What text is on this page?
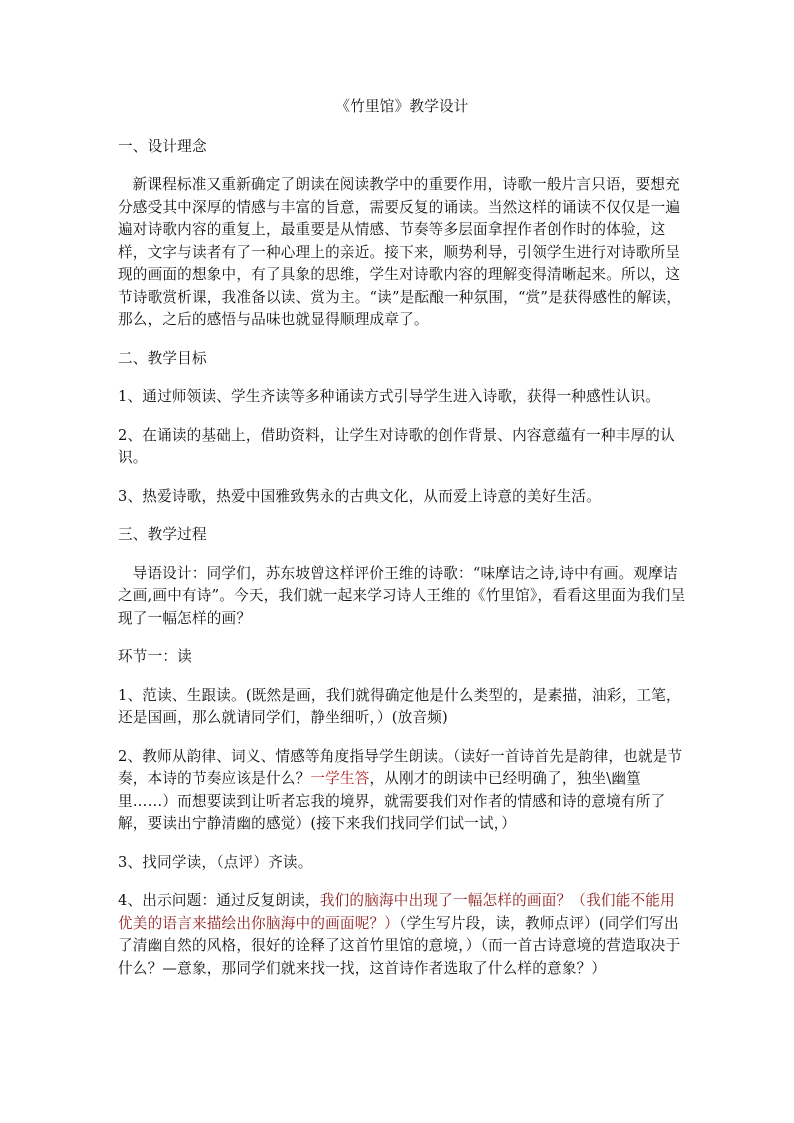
《竹里馆》教学设计
一、设计理念

新课程标准又重新确定了朗读在阅读教学中的重要作用，诗歌一般片言只语，要想充分感受其中深厚的情感与丰富的旨意，需要反复的诵读。当然这样的诵读不仅仅是一遍遍对诗歌内容的重复上，最重要是从情感、节奏等多层面拿捏作者创作时的体验，这样，文字与读者有了一种心理上的亲近。接下来，顺势利导，引领学生进行对诗歌所呈现的画面的想象中，有了具象的思维，学生对诗歌内容的理解变得清晰起来。所以，这节诗歌赏析课，我准备以读、赏为主。“读”是酝酿一种氛围，“赏”是获得感性的解读，那么，之后的感悟与品味也就显得顺理成章了。

二、教学目标

1、通过师领读、学生齐读等多种诵读方式引导学生进入诗歌，获得一种感性认识。

2、在诵读的基础上，借助资料，让学生对诗歌的创作背景、内容意蕴有一种丰厚的认识。

3、热爱诗歌，热爱中国雅致隽永的古典文化，从而爱上诗意的美好生活。

三、教学过程

导语设计：同学们，苏东坡曾这样评价王维的诗歌：“味摩诘之诗,诗中有画。观摩诘之画,画中有诗”。今天，我们就一起来学习诗人王维的《竹里馆》，看看这里面为我们呈现了一幅怎样的画？

环节一：读

1、范读、生跟读。(既然是画，我们就得确定他是什么类型的，是素描，油彩，工笔，还是国画，那么就请同学们，静坐细听，）(放音频)

2、教师从韵律、词义、情感等角度指导学生朗读。（读好一首诗首先是韵律，也就是节奏，本诗的节奏应该是什么？一学生答，从刚才的朗读中已经明确了，独坐\幽篁里……）而想要读到让听者忘我的境界，就需要我们对作者的情感和诗的意境有所了解，要读出宁静清幽的感觉）(接下来我们找同学们试一试，）

3、找同学读，（点评）齐读。

4、出示问题：通过反复朗读，我们的脑海中出现了一幅怎样的画面？（我们能不能用优美的语言来描绘出你脑海中的画面呢？）（学生写片段，读，教师点评）(同学们写出了清幽自然的风格，很好的诠释了这首竹里馆的意境，）（而一首古诗意境的营造取决于什么？—意象，那同学们就来找一找，这首诗作者选取了什么样的意象？）
